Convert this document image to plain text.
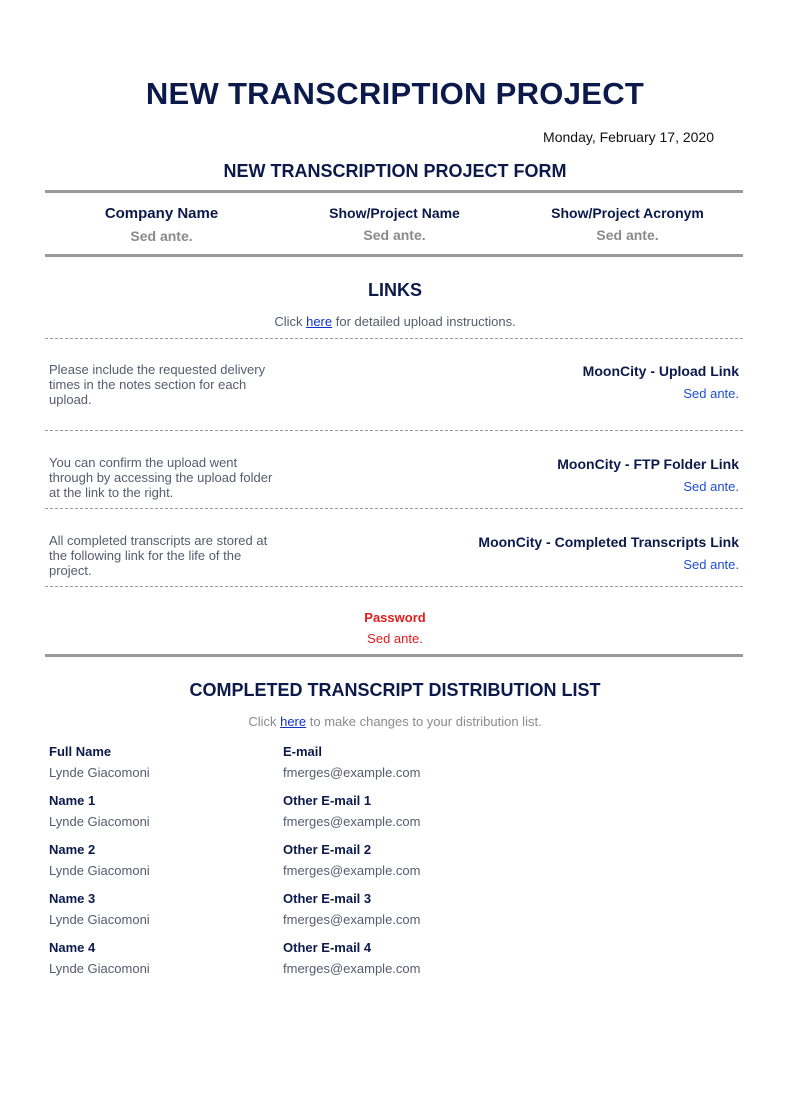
NEW TRANSCRIPTION PROJECT
Monday, February 17, 2020
NEW TRANSCRIPTION PROJECT FORM
Company Name
Sed ante.
Show/Project Name
Sed ante.
Show/Project Acronym
Sed ante.
LINKS
Click here for detailed upload instructions.
Please include the requested delivery times in the notes section for each upload.
MoonCity - Upload Link
Sed ante.
You can confirm the upload went through by accessing the upload folder at the link to the right.
MoonCity - FTP Folder Link
Sed ante.
All completed transcripts are stored at the following link for the life of the project.
MoonCity - Completed Transcripts Link
Sed ante.
Password
Sed ante.
COMPLETED TRANSCRIPT DISTRIBUTION LIST
Click here to make changes to your distribution list.
Full Name
Lynde Giacomoni
E-mail
fmerges@example.com
Name 1
Lynde Giacomoni
Other E-mail 1
fmerges@example.com
Name 2
Lynde Giacomoni
Other E-mail 2
fmerges@example.com
Name 3
Lynde Giacomoni
Other E-mail 3
fmerges@example.com
Name 4
Lynde Giacomoni
Other E-mail 4
fmerges@example.com
